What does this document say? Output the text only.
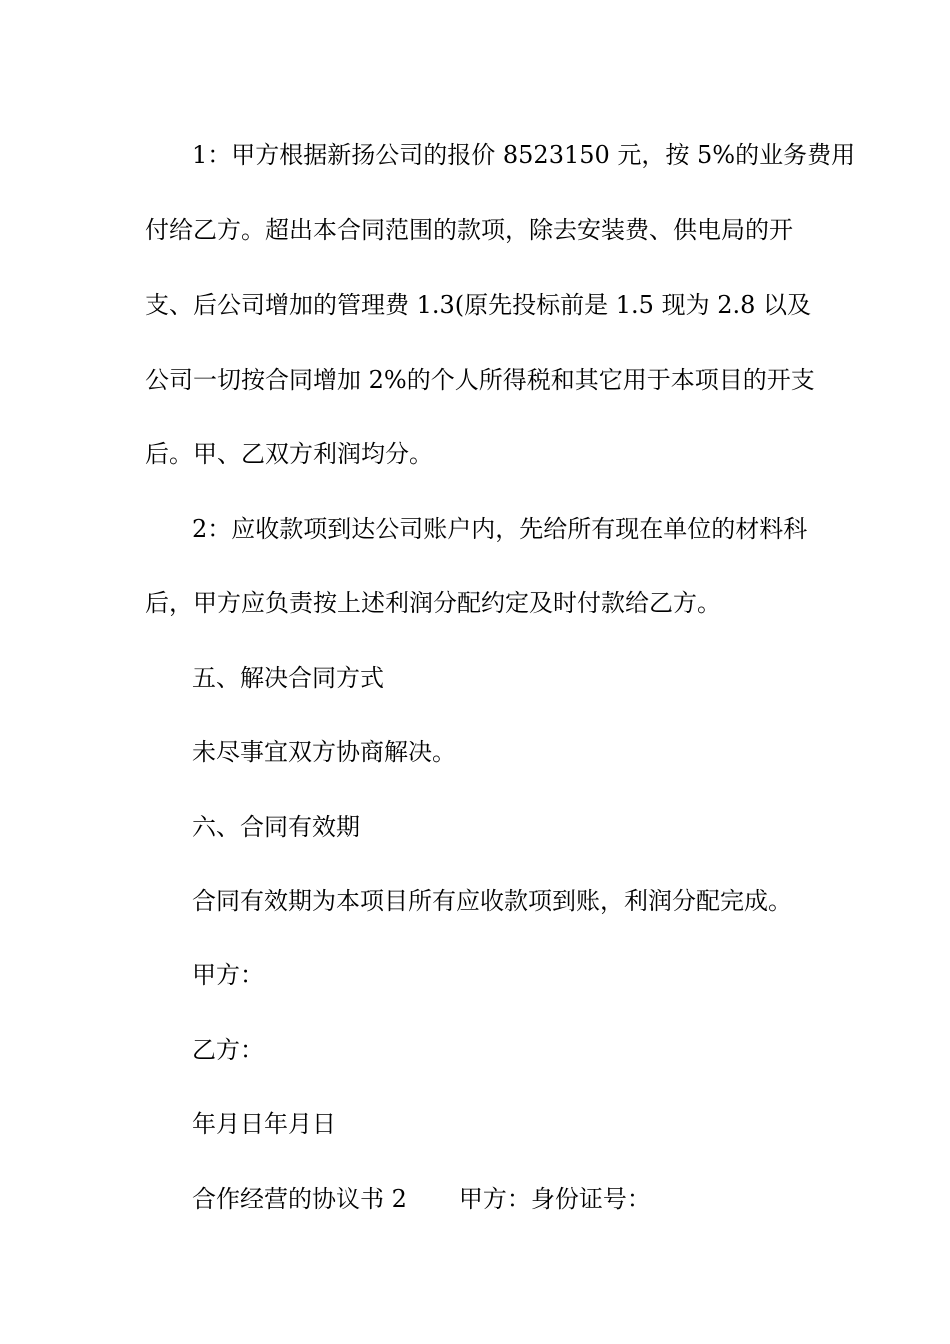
1：甲方根据新扬公司的报价 8523150 元，按 5%的业务费用
付给乙方。超出本合同范围的款项，除去安装费、供电局的开
支、后公司增加的管理费 1.3(原先投标前是 1.5 现为 2.8 以及
公司一切按合同增加 2%的个人所得税和其它用于本项目的开支
后。甲、乙双方利润均分。
2：应收款项到达公司账户内，先给所有现在单位的材料科
后，甲方应负责按上述利润分配约定及时付款给乙方。
五、解决合同方式
未尽事宜双方协商解决。
六、合同有效期
合同有效期为本项目所有应收款项到账，利润分配完成。
甲方：
乙方：
年月日年月日
合作经营的协议书 2 甲方：身份证号：
